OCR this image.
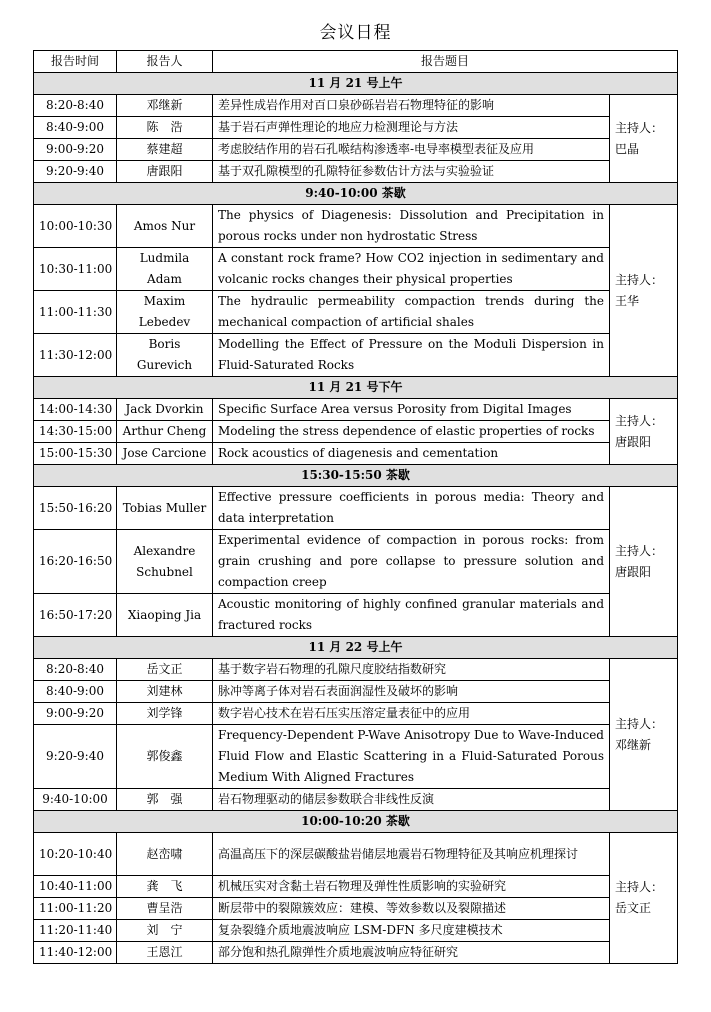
会议日程
报告时间	报告人	报告题目	
11 月 21 号上午			
8:20-8:40	邓继新	差异性成岩作用对百口泉砂砾岩岩石物理特征的影响	主持人：巴晶
8:40-9:00	陈　浩	基于岩石声弹性理论的地应力检测理论与方法	
9:00-9:20	蔡建超	考虑胶结作用的岩石孔喉结构渗透率-电导率模型表征及应用	
9:20-9:40	唐跟阳	基于双孔隙模型的孔隙特征参数估计方法与实验验证	
9:40-10:00 茶歇			
10:00-10:30	Amos Nur	The physics of Diagenesis: Dissolution and Precipitation in porous rocks under non hydrostatic Stress	主持人：王华
10:30-11:00	Ludmila Adam	A constant rock frame? How CO2 injection in sedimentary and volcanic rocks changes their physical properties	
11:00-11:30	Maxim Lebedev	The hydraulic permeability compaction trends during the mechanical compaction of artificial shales	
11:30-12:00	Boris Gurevich	Modelling the Effect of Pressure on the Moduli Dispersion in Fluid-Saturated Rocks	
11 月 21 号下午			
14:00-14:30	Jack Dvorkin	Specific Surface Area versus Porosity from Digital Images	主持人：唐跟阳
14:30-15:00	Arthur Cheng	Modeling the stress dependence of elastic properties of rocks	
15:00-15:30	Jose Carcione	Rock acoustics of diagenesis and cementation	
15:30-15:50 茶歇			
15:50-16:20	Tobias Muller	Effective pressure coefficients in porous media: Theory and data interpretation	主持人：唐跟阳
16:20-16:50	Alexandre Schubnel	Experimental evidence of compaction in porous rocks: from grain crushing and pore collapse to pressure solution and compaction creep	
16:50-17:20	Xiaoping Jia	Acoustic monitoring of highly confined granular materials and fractured rocks	
11 月 22 号上午			
8:20-8:40	岳文正	基于数字岩石物理的孔隙尺度胶结指数研究	主持人：邓继新
8:40-9:00	刘建林	脉冲等离子体对岩石表面润湿性及破坏的影响	
9:00-9:20	刘学锋	数字岩心技术在岩石压实压溶定量表征中的应用	
9:20-9:40	郭俊鑫	Frequency-Dependent P-Wave Anisotropy Due to Wave-Induced Fluid Flow and Elastic Scattering in a Fluid-Saturated Porous Medium With Aligned Fractures	
9:40-10:00	郭　强	岩石物理驱动的储层参数联合非线性反演	
10:00-10:20 茶歇			
10:20-10:40	赵峦啸	高温高压下的深层碳酸盐岩储层地震岩石物理特征及其响应机理探讨	主持人：岳文正
10:40-11:00	龚　飞	机械压实对含黏土岩石物理及弹性性质影响的实验研究	
11:00-11:20	曹呈浩	断层带中的裂隙簇效应：建模、等效参数以及裂隙描述	
11:20-11:40	刘　宁	复杂裂缝介质地震波响应 LSM-DFN 多尺度建模技术	
11:40-12:00	王恩江	部分饱和热孔隙弹性介质地震波响应特征研究	
